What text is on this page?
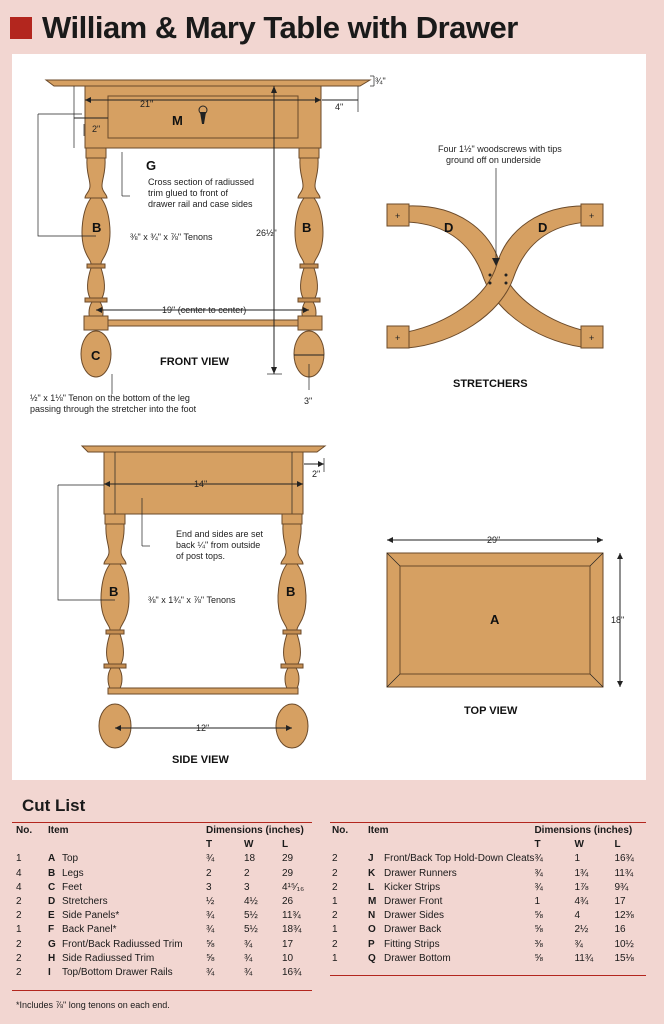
William & Mary Table with Drawer
21"
¾"
4"
2"
26½"
19" (center to center)
3"
M
G
B	B
C
Cross section of radiussed
trim glued to front of
drawer rail and case sides
⅜" x ¾" x ⅞" Tenons
FRONT VIEW
½" x 1⅛" Tenon on the bottom of the leg
passing through the stretcher into the foot
+	+
+	+
Four 1½" woodscrews with tips
ground off on underside
D	D
STRETCHERS
14"
2"
12"
B	B
End and sides are set
back ¼" from outside
of post tops.
⅜" x 1¾" x ⅞" Tenons
SIDE VIEW
29"
18"
A
TOP VIEW
Cut List
No.	Item		Dimensions (inches)		
			T	W	L
1	A	Top	¾	18	29
4	B	Legs	2	2	29
4	C	Feet	3	3	4¹⁵⁄₁₆
2	D	Stretchers	½	4½	26
2	E	Side Panels*	¾	5½	11¾
1	F	Back Panel*	¾	5½	18¾
2	G	Front/Back Radiussed Trim	⅝	¾	17
2	H	Side Radiussed Trim	⅝	¾	10
2	I	Top/Bottom Drawer Rails	¾	¾	16¾
No.	Item		Dimensions (inches)		
			T	W	L
2	J	Front/Back Top Hold-Down Cleats	¾	1	16¾
2	K	Drawer Runners	¾	1¾	11¾
2	L	Kicker Strips	¾	1⅞	9¾
1	M	Drawer Front	1	4¾	17
2	N	Drawer Sides	⅝	4	12⅜
1	O	Drawer Back	⅝	2½	16
2	P	Fitting Strips	⅜	¾	10½
1	Q	Drawer Bottom	⅝	11¾	15⅛
*Includes ⅞" long tenons on each end.
